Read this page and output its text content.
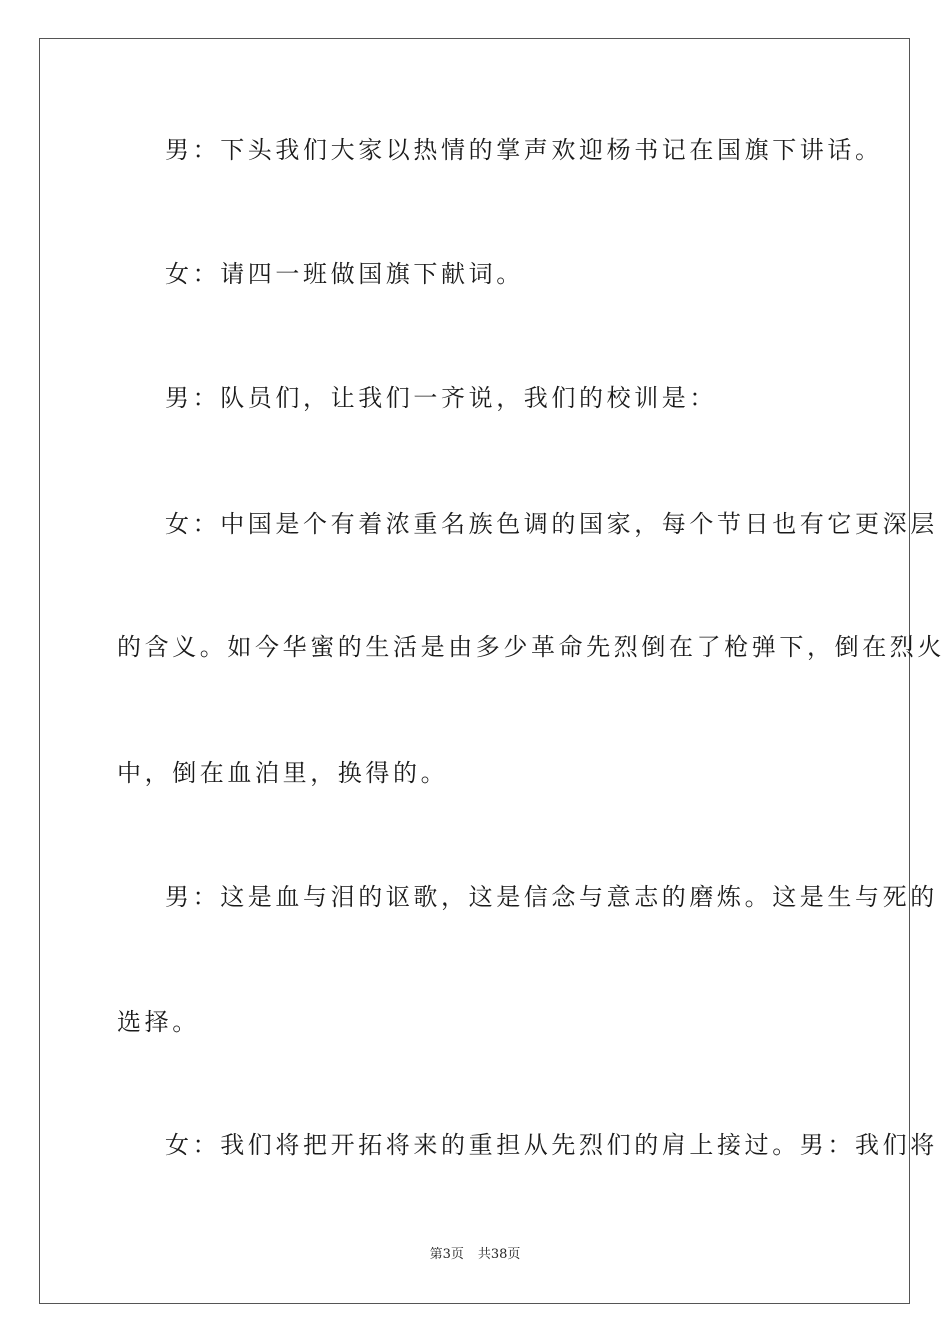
男：下头我们大家以热情的掌声欢迎杨书记在国旗下讲话。
女：请四一班做国旗下献词。
男：队员们，让我们一齐说，我们的校训是：
女：中国是个有着浓重名族色调的国家，每个节日也有它更深层
的含义。如今华蜜的生活是由多少革命先烈倒在了枪弹下，倒在烈火
中，倒在血泊里，换得的。
男：这是血与泪的讴歌，这是信念与意志的磨炼。这是生与死的
选择。
女：我们将把开拓将来的重担从先烈们的肩上接过。男：我们将
第3页 共38页
